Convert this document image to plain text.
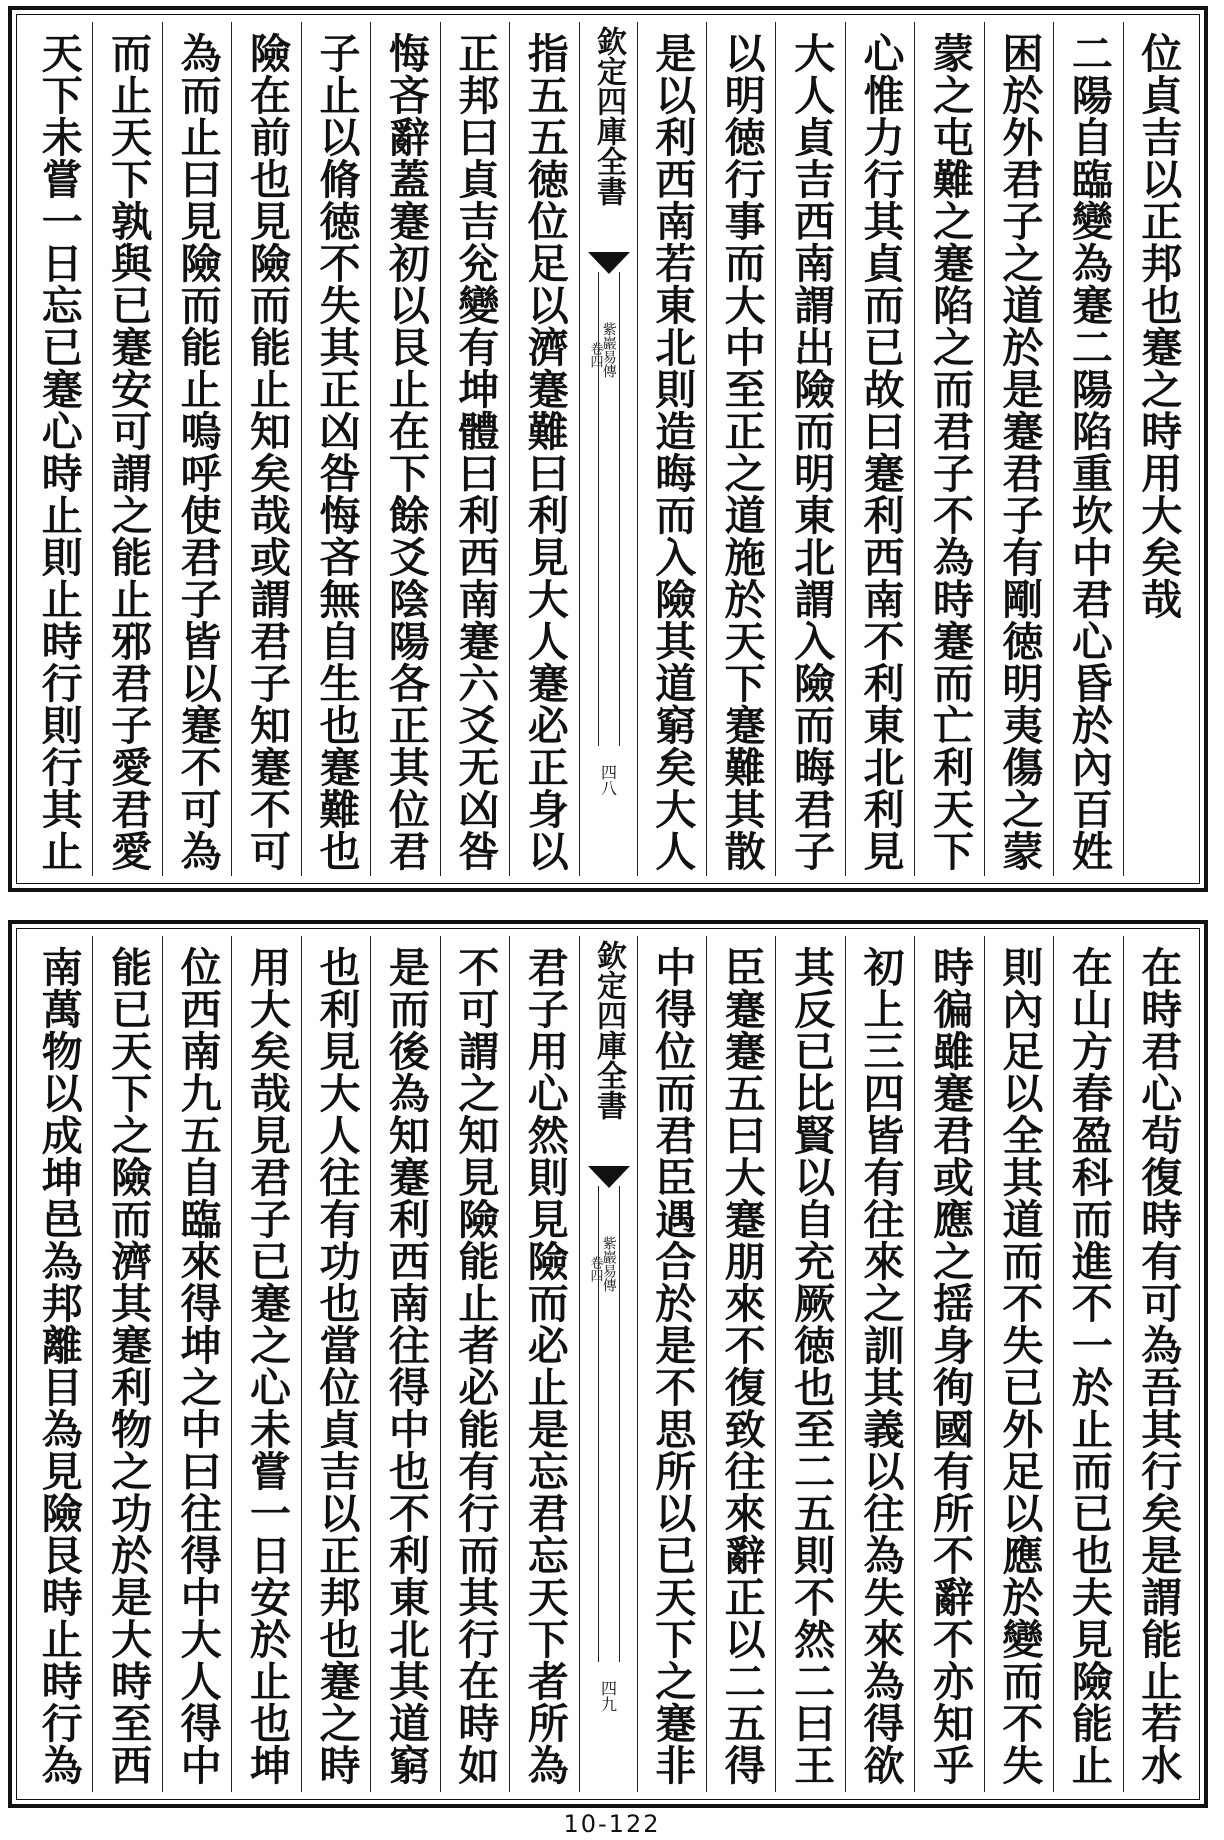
位貞吉以正邦也蹇之時用大矣哉
二陽自臨變為蹇二陽陷重坎中君心昏於內百姓
困於外君子之道於是蹇君子有剛徳明夷傷之蒙
蒙之屯難之蹇陷之而君子不為時蹇而亡利天下
心惟力行其貞而已故曰蹇利西南不利東北利見
大人貞吉西南謂出險而明東北謂入險而晦君子
以明徳行事而大中至正之道施於天下蹇難其散
是以利西南若東北則造晦而入險其道窮矣大人
欽定四庫全書
紫巖易傳
卷四
四八
指五五徳位足以濟蹇難曰利見大人蹇必正身以
正邦曰貞吉兊變有坤體曰利西南蹇六爻无凶咎
悔吝辭蓋蹇初以艮止在下餘爻陰陽各正其位君
子止以脩徳不失其正凶咎悔吝無自生也蹇難也
險在前也見險而能止知矣哉或謂君子知蹇不可
為而止曰見險而能止嗚呼使君子皆以蹇不可為
而止天下孰與已蹇安可謂之能止邪君子愛君愛
天下未嘗一日忘已蹇心時止則止時行則行其止
在時君心茍復時有可為吾其行矣是謂能止若水
在山方春盈科而進不一於止而已也夫見險能止
則內足以全其道而不失已外足以應於變而不失
時徧雖蹇君或應之揺身徇國有所不辭不亦知乎
初上三四皆有往來之訓其義以往為失來為得欲
其反已比賢以自充厥徳也至二五則不然二曰王
臣蹇蹇五曰大蹇朋來不復致往來辭正以二五得
中得位而君臣遇合於是不思所以已天下之蹇非
欽定四庫全書
紫巖易傳
卷四
四九
君子用心然則見險而必止是忘君忘天下者所為
不可謂之知見險能止者必能有行而其行在時如
是而後為知蹇利西南往得中也不利東北其道窮
也利見大人往有功也當位貞吉以正邦也蹇之時
用大矣哉見君子已蹇之心未嘗一日安於止也坤
位西南九五自臨來得坤之中曰往得中大人得中
能已天下之險而濟其蹇利物之功於是大時至西
南萬物以成坤邑為邦離目為見險艮時止時行為
10-122
